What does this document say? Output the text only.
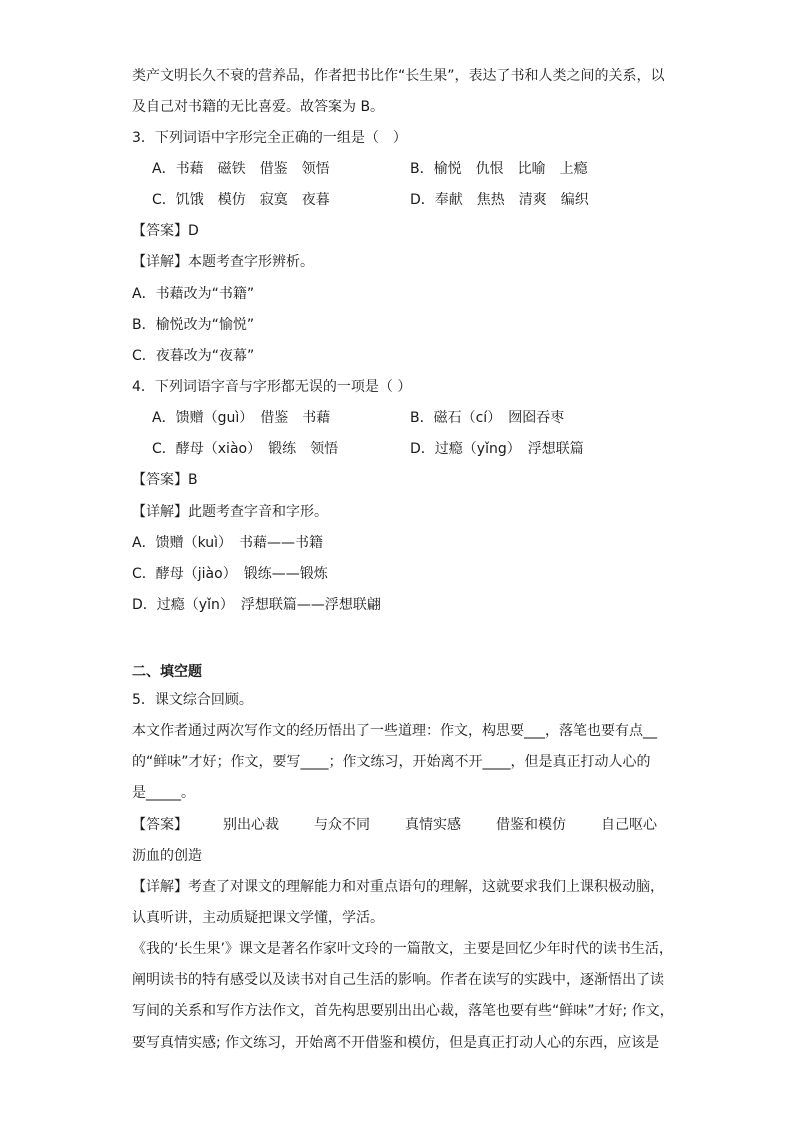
类产文明长久不衰的营养品，作者把书比作“长生果”，表达了书和人类之间的关系，以
及自己对书籍的无比喜爱。故答案为 B。
3．下列词语中字形完全正确的一组是（　）
A．书藉　磁铁　借鉴　领悟	B．榆悦　仇恨　比喻　上瘾
C．饥饿　模仿　寂寞　夜暮	D．奉献　焦热　清爽　编织
【答案】D
【详解】本题考查字形辨析。
A．书藉改为“书籍”
B．榆悦改为“愉悦”
C．夜暮改为“夜幕”
4．下列词语字音与字形都无误的一项是（ ）
A．馈赠（guì）　借鉴　书藉	B．磁石（cí）　囫囵吞枣
C．酵母（xiào）　锻练　领悟	D．过瘾（yǐng）　浮想联篇
【答案】B
【详解】此题考查字音和字形。
A．馈赠（kuì）　书藉——书籍
C．酵母（jiào）　锻练——锻炼
D．过瘾（yǐn）　浮想联篇——浮想联翩
二、填空题
5．课文综合回顾。
本文作者通过两次写作文的经历悟出了一些道理：作文，构思要___，落笔也要有点__
的“鲜味”才好；作文，要写____；作文练习，开始离不开____，但是真正打动人心的
是_____。
【答案】	别出心裁	与众不同	真情实感	借鉴和模仿	自己呕心
沥血的创造
【详解】考查了对课文的理解能力和对重点语句的理解，这就要求我们上课积极动脑，
认真听讲，主动质疑把课文学懂，学活。
《我的‘长生果’》课文是著名作家叶文玲的一篇散文，主要是回忆少年时代的读书生活，
阐明读书的特有感受以及读书对自己生活的影响。作者在读写的实践中，逐渐悟出了读
写间的关系和写作方法作文，首先构思要别出出心裁，落笔也要有些“鲜味”才好; 作文，
要写真情实感; 作文练习，开始离不开借鉴和模仿，但是真正打动人心的东西，应该是
